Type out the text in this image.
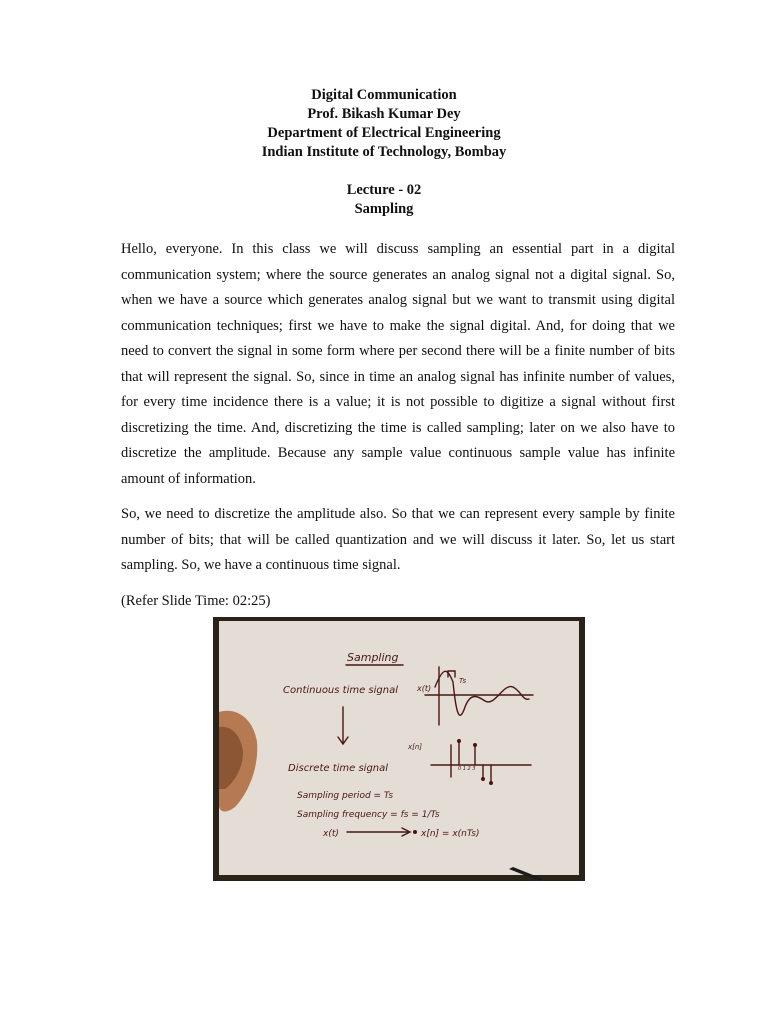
Digital Communication
Prof. Bikash Kumar Dey
Department of Electrical Engineering
Indian Institute of Technology, Bombay
Lecture - 02
Sampling

Hello, everyone. In this class we will discuss sampling an essential part in a digital communication system; where the source generates an analog signal not a digital signal. So, when we have a source which generates analog signal but we want to transmit using digital communication techniques; first we have to make the signal digital. And, for doing that we need to convert the signal in some form where per second there will be a finite number of bits that will represent the signal. So, since in time an analog signal has infinite number of values, for every time incidence there is a value; it is not possible to digitize a signal without first discretizing the time. And, discretizing the time is called sampling; later on we also have to discretize the amplitude. Because any sample value continuous sample value has infinite amount of information.

So, we need to discretize the amplitude also. So that we can represent every sample by finite number of bits; that will be called quantization and we will discuss it later. So, let us start sampling. So, we have a continuous time signal.

(Refer Slide Time: 02:25)

Sampling
Continuous time signal x(t)
Ts
Discrete time signal
x[n]
0 1 2 3
Sampling period = Ts
Sampling frequency = fs = 1/Ts
x(t)	x[n] = x(nTs)
